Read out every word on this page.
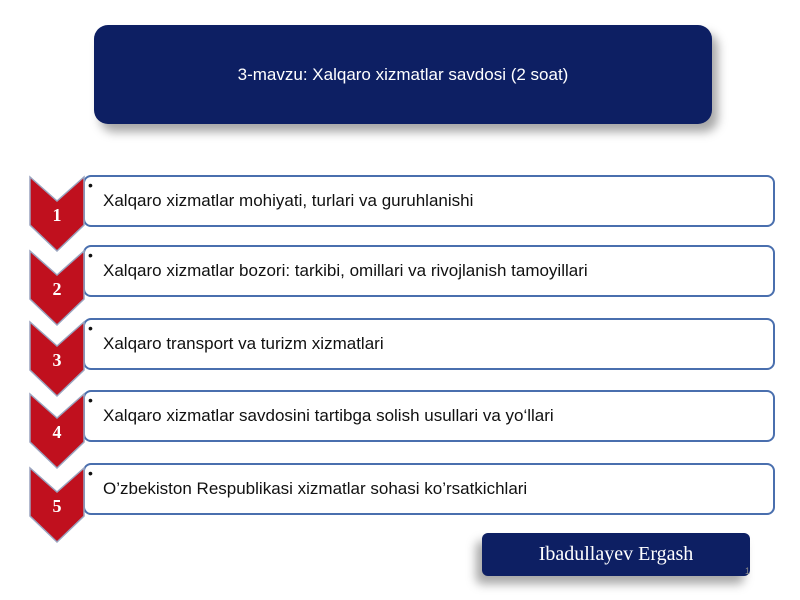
3-mavzu: Xalqaro xizmatlar savdosi (2 soat)
•
Xalqaro xizmatlar mohiyati, turlari va guruhlanishi
•
Xalqaro xizmatlar bozori: tarkibi, omillari va rivojlanish tamoyillari
•
Xalqaro transport va turizm xizmatlari
•
Xalqaro xizmatlar savdosini tartibga solish usullari va yo‘llari
•
O’zbekiston Respublikasi xizmatlar sohasi ko’rsatkichlari
1
2
3
4
5
Ibadullayev Ergash
1
